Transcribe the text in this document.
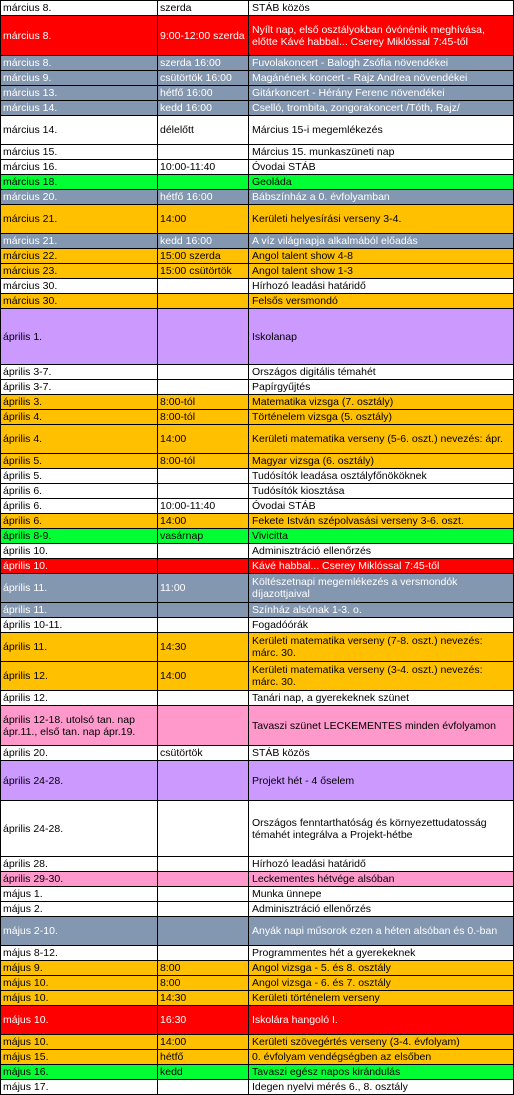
március 8.	szerda	STÁB közös
március 8.	9:00-12:00 szerda	Nyílt nap, első osztályokban óvónénik meghívása, előtte Kávé habbal... Cserey Miklóssal 7:45-től
március 8.	szerda 16:00	Fuvolakoncert - Balogh Zsófia növendékei
március 9.	csütörtök 16:00	Magánének koncert - Rajz Andrea növendékei
március 13.	hétfő 16:00	Gitárkoncert - Hérány Ferenc növendékei
március 14.	kedd 16:00	Cselló, trombita, zongorakoncert /Tóth, Rajz/
március 14.	délelőtt	Március 15-i megemlékezés
március 15.		Március 15. munkaszüneti nap
március 16.	10:00-11:40	Óvodai STÁB
március 18.		Geoláda
március 20.	hétfő 16:00	Bábszínház a 0. évfolyamban
március 21.	14:00	Kerületi helyesírási verseny 3-4.
március 21.	kedd 16:00	A víz világnapja alkalmából előadás
március 22.	15:00 szerda	Angol talent show 4-8
március 23.	15:00 csütörtök	Angol talent show 1-3
március 30.		Hírhozó leadási határidő
március 30.		Felsős versmondó
április 1.		Iskolanap
április 3-7.		Országos digitális témahét
április 3-7.		Papírgyűjtés
április 3.	8:00-tól	Matematika vizsga (7. osztály)
április 4.	8:00-tól	Történelem vizsga (5. osztály)
április 4.	14:00	Kerületi matematika verseny (5-6. oszt.) nevezés: ápr.
április 5.	8:00-tól	Magyar vizsga (6. osztály)
április 5.		Tudósítók leadása osztályfőnököknek
április 6.		Tudósítók kiosztása
április 6.	10:00-11:40	Óvodai STÁB
április 6.	14:00	Fekete István szépolvasási verseny 3-6. oszt.
április 8-9.	vasárnap	Vivicitta
április 10.		Adminisztráció ellenőrzés
április 10.		Kávé habbal... Cserey Miklóssal 7:45-től
április 11.	11:00	Költészetnapi megemlékezés a versmondók díjazottjaival
április 11.		Színház alsónak 1-3. o.
április 10-11.		Fogadóórák
április 11.	14:30	Kerületi matematika verseny (7-8. oszt.) nevezés: márc. 30.
április 12.	14:00	Kerületi matematika verseny (3-4. oszt.) nevezés: márc. 30.
április 12.		Tanári nap, a gyerekeknek szünet
április 12-18. utolsó tan. nap ápr.11., első tan. nap ápr.19.		Tavaszi szünet LECKEMENTES minden évfolyamon
április 20.	csütörtök	STÁB közös
április 24-28.		Projekt hét - 4 őselem
április 24-28.		Országos fenntarthatóság és környezettudatosság témahét integrálva a Projekt-hétbe
április 28.		Hírhozó leadási határidő
április 29-30.		Leckementes hétvége alsóban
május 1.		Munka ünnepe
május 2.		Adminisztráció ellenőrzés
május 2-10.		Anyák napi műsorok ezen a héten alsóban és 0.-ban
május 8-12.		Programmentes hét a gyerekeknek
május 9.	8:00	Angol vizsga - 5. és 8. osztály
május 10.	8:00	Angol vizsga - 6. és 7. osztály
május 10.	14:30	Kerületi történelem verseny
május 10.	16:30	Iskolára hangoló I.
május 10.	14:00	Kerületi szövegértés verseny (3-4. évfolyam)
május 15.	hétfő	0. évfolyam vendégségben az elsőben
május 16.	kedd	Tavaszi egész napos kirándulás
május 17.		Idegen nyelvi mérés 6., 8. osztály
